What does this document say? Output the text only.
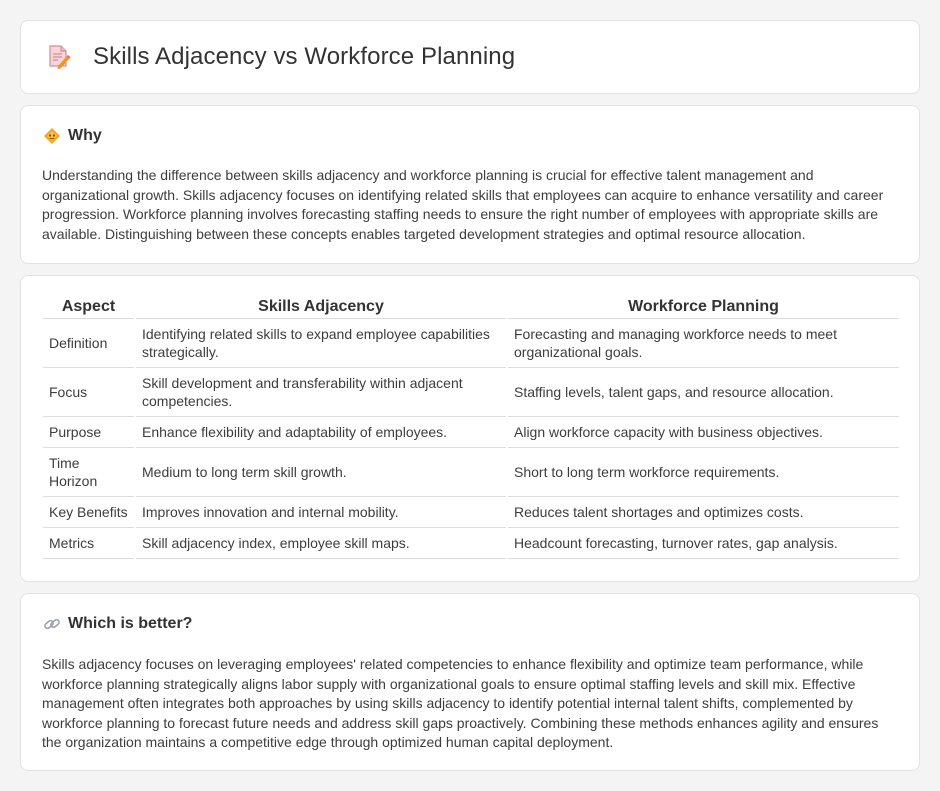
Skills Adjacency vs Workforce Planning
Why

Understanding the difference between skills adjacency and workforce planning is crucial for effective talent management and organizational growth. Skills adjacency focuses on identifying related skills that employees can acquire to enhance versatility and career progression. Workforce planning involves forecasting staffing needs to ensure the right number of employees with appropriate skills are available. Distinguishing between these concepts enables targeted development strategies and optimal resource allocation.

Aspect	Skills Adjacency	Workforce Planning
Definition	Identifying related skills to expand employee capabilities strategically.	Forecasting and managing workforce needs to meet organizational goals.
Focus	Skill development and transferability within adjacent competencies.	Staffing levels, talent gaps, and resource allocation.
Purpose	Enhance flexibility and adaptability of employees.	Align workforce capacity with business objectives.
Time Horizon	Medium to long term skill growth.	Short to long term workforce requirements.
Key Benefits	Improves innovation and internal mobility.	Reduces talent shortages and optimizes costs.
Metrics	Skill adjacency index, employee skill maps.	Headcount forecasting, turnover rates, gap analysis.
Which is better?

Skills adjacency focuses on leveraging employees' related competencies to enhance flexibility and optimize team performance, while workforce planning strategically aligns labor supply with organizational goals to ensure optimal staffing levels and skill mix. Effective management often integrates both approaches by using skills adjacency to identify potential internal talent shifts, complemented by workforce planning to forecast future needs and address skill gaps proactively. Combining these methods enhances agility and ensures the organization maintains a competitive edge through optimized human capital deployment.
